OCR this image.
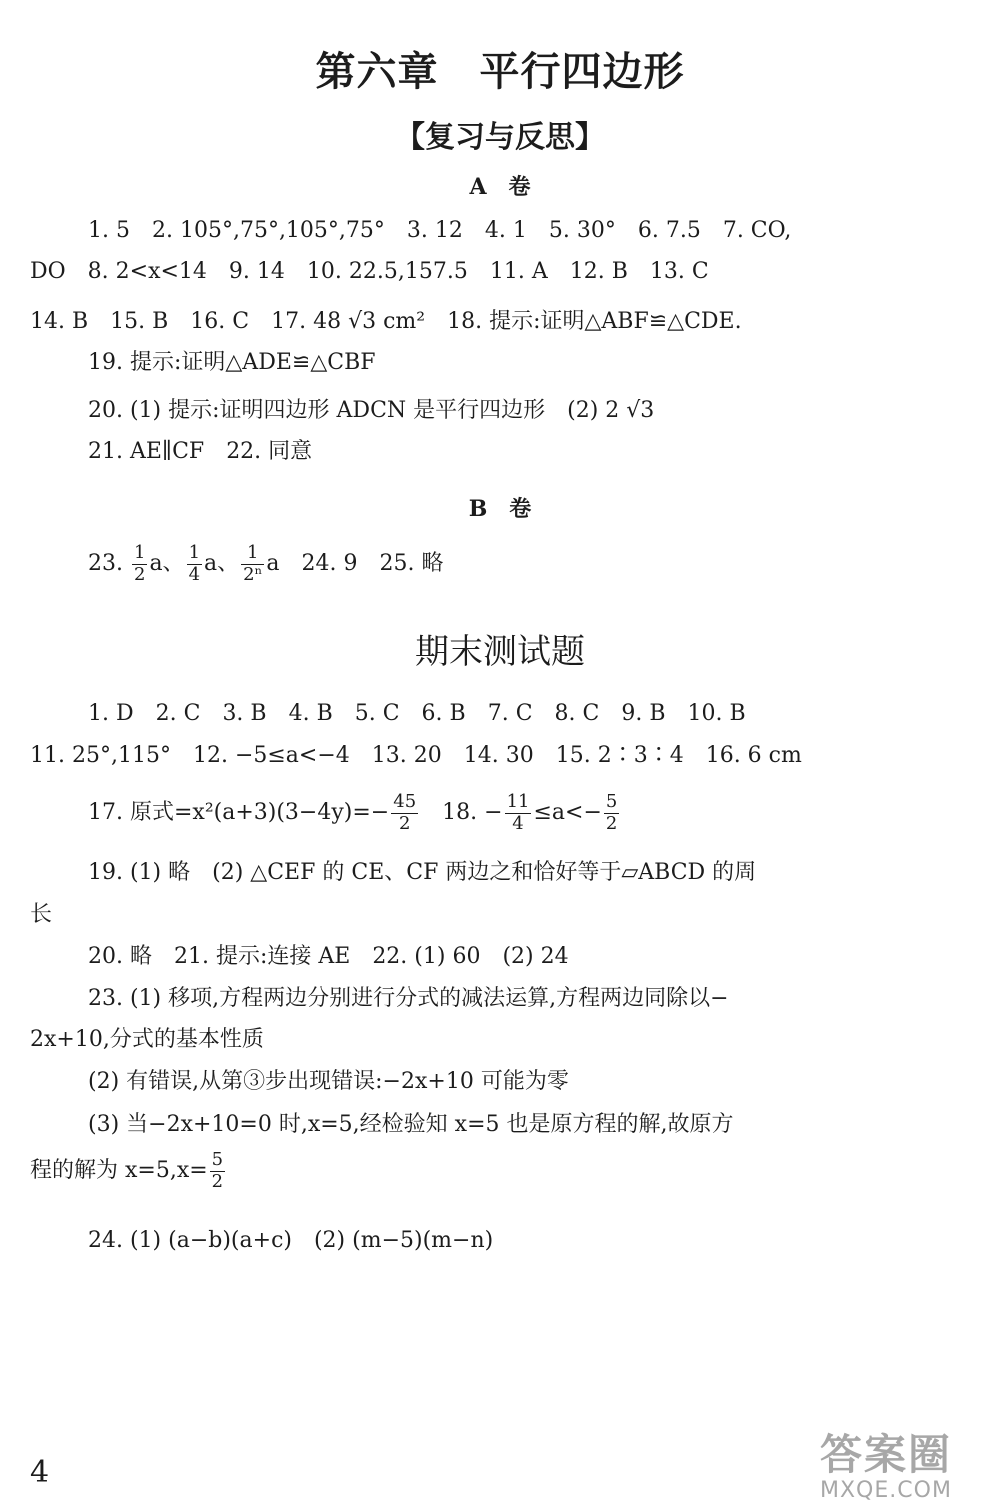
第六章　平行四边形
【复习与反思】
A　卷
1. 5　2. 105°,75°,105°,75°　3. 12　4. 1　5. 30°　6. 7.5　7. CO,
DO　8. 2<x<14　9. 14　10. 22.5,157.5　11. A　12. B　13. C
14. B　15. B　16. C　17. 48 √3 cm²　18. 提示:证明△ABF≌△CDE.
19. 提示:证明△ADE≌△CBF
20. (1) 提示:证明四边形 ADCN 是平行四边形　(2) 2 √3
21. AE∥CF　22. 同意
B　卷
23. $\frac{1}{2}$ a、 $\frac{1}{4}$ a、 $\frac{1}{\text{2ⁿ}}$ a　24. 9　25. 略
期末测试题
1. D　2. C　3. B　4. B　5. C　6. B　7. C　8. C　9. B　10. B
11. 25°,115°　12. −5≤a<−4　13. 20　14. 30　15. 2∶3∶4　16. 6 cm
17. 原式$=x^2(a+3)(3-4y)=- \frac{45}{2}$ 　18. − $\frac{11}{4} \le a<- \frac{5}{2}$
19. (1) 略　(2) △CEF 的 CE、CF 两边之和恰好等于▱ABCD 的周
长
20. 略　21. 提示:连接 AE　22. (1) 60　(2) 24
23. (1) 移项,方程两边分别进行分式的减法运算,方程两边同除以−
2x+10,分式的基本性质
(2) 有错误,从第③步出现错误:−2x+10 可能为零
(3) 当−2x+10=0 时,x=5,经检验知 x=5 也是原方程的解,故原方
程的解为 $x=5,x= \frac{5}{2}$
24. (1) (a−b)(a+c)　(2) (m−5)(m−n)
4	答案圈
MXQE.COM
